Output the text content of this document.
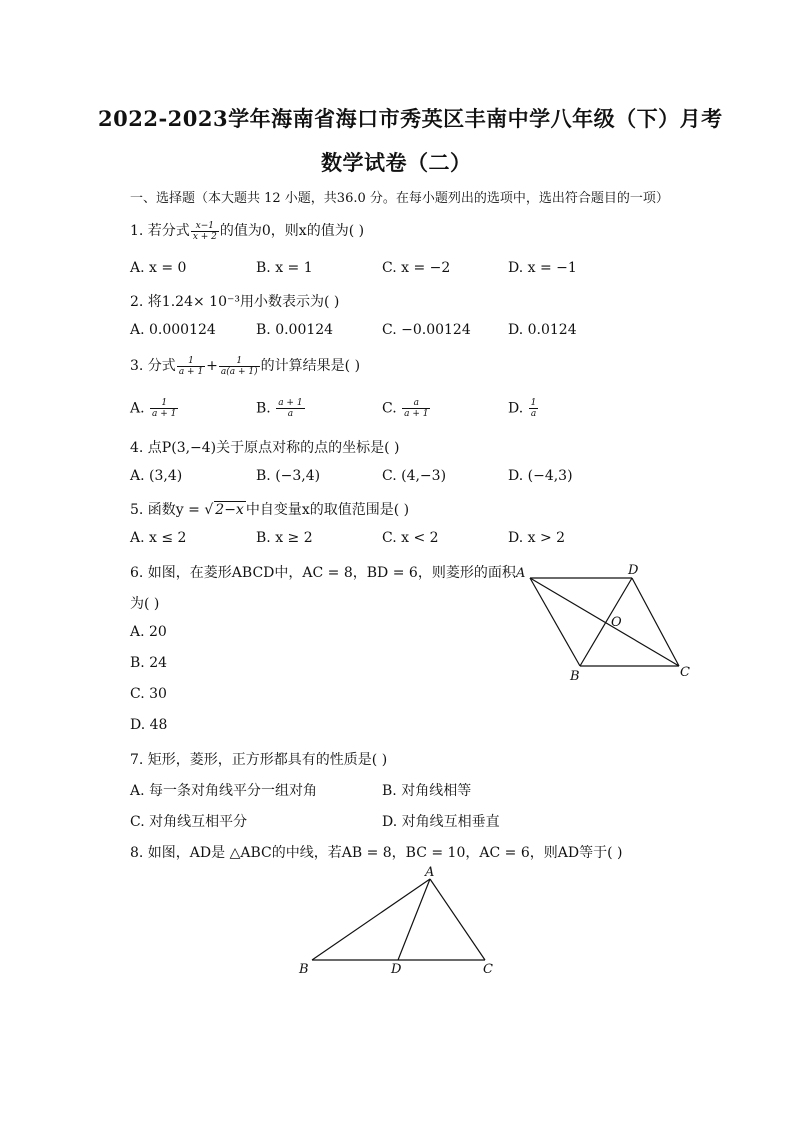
2022-2023学年海南省海口市秀英区丰南中学八年级（下）月考
数学试卷（二）
一、选择题（本大题共 12 小题，共36.0 分。在每小题列出的选项中，选出符合题目的一项）
1. 若分式 $\frac{x-1}{x + 2}$ 的值为0，则x的值为( )
A. x = 0	B. x = 1	C. x = −2	D. x = −1
2. 将1.24× 10⁻³用小数表示为( )
A. 0.000124	B. 0.00124	C. −0.00124	D. 0.0124
3. 分式 $\frac{1}{a + 1} + \frac{1}{a(a + 1)}$ 的计算结果是( )
A. $\frac{1}{a + 1}$	B. $\frac{a + 1}{a}$	C. $\frac{a}{a + 1}$	D. $\frac{1}{a}$
4. 点P(3,−4)关于原点对称的点的坐标是( )
A. (3,4)	B. (−3,4)	C. (4,−3)	D. (−4,3)
5. 函数y = √ 2−x 中自变量x的取值范围是( )
A. x ≤ 2	B. x ≥ 2	C. x < 2	D. x > 2
6. 如图，在菱形ABCD中，AC = 8，BD = 6，则菱形的面积
为( )
A. 20
B. 24
C. 30
D. 48
A	D
O
B	C
7. 矩形，菱形，正方形都具有的性质是( )
A. 每一条对角线平分一组对角	B. 对角线相等
C. 对角线互相平分	D. 对角线互相垂直
8. 如图，AD是 △ABC的中线，若AB = 8，BC = 10，AC = 6，则AD等于( )
A
B	D	C
